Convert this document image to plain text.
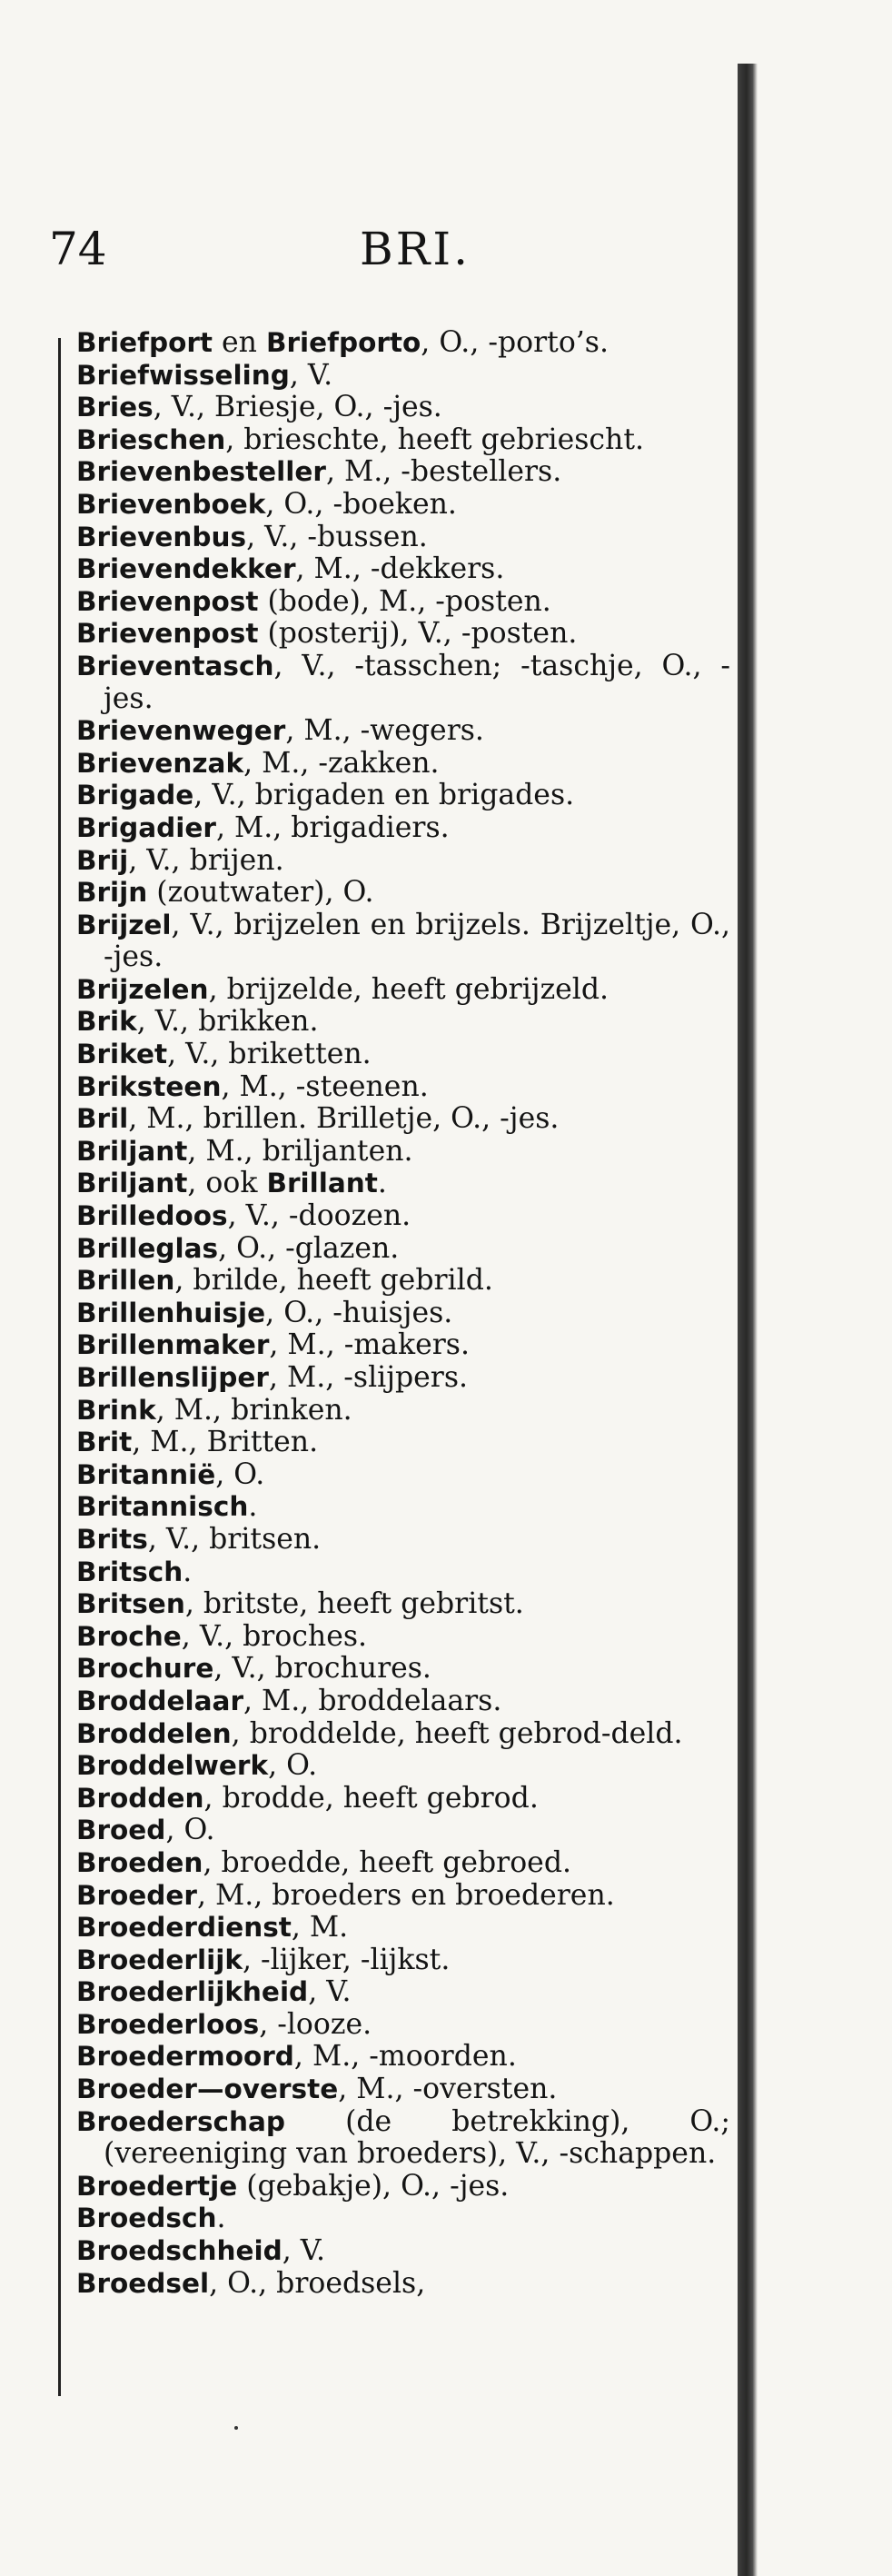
74	BRI.
Briefport en Briefporto, O., -porto’s.
Briefwisseling, V.
Bries, V., Briesje, O., -jes.
Brieschen, brieschte, heeft gebriescht.
Brievenbesteller, M., -bestellers.
Brievenboek, O., -boeken.
Brievenbus, V., -bussen.
Brievendekker, M., -dekkers.
Brievenpost (bode), M., -posten.
Brievenpost (posterij), V., -posten.
Brieventasch, V., -tasschen; -taschje, O., -jes.
Brievenweger, M., -wegers.
Brievenzak, M., -zakken.
Brigade, V., brigaden en brigades.
Brigadier, M., brigadiers.
Brij, V., brijen.
Brijn (zoutwater), O.
Brijzel, V., brijzelen en brijzels. Brijzeltje, O., -jes.
Brijzelen, brijzelde, heeft gebrijzeld.
Brik, V., brikken.
Briket, V., briketten.
Briksteen, M., -steenen.
Bril, M., brillen. Brilletje, O., -jes.
Briljant, M., briljanten.
Briljant, ook Brillant.
Brilledoos, V., -doozen.
Brilleglas, O., -glazen.
Brillen, brilde, heeft gebrild.
Brillenhuisje, O., -huisjes.
Brillenmaker, M., -makers.
Brillenslijper, M., -slijpers.
Brink, M., brinken.
Brit, M., Britten.
Britannië, O.
Britannisch.
Brits, V., britsen.
Britsch.
Britsen, britste, heeft gebritst.
Broche, V., broches.
Brochure, V., brochures.
Broddelaar, M., broddelaars.
Broddelen, broddelde, heeft gebrod-deld.
Broddelwerk, O.
Brodden, brodde, heeft gebrod.
Broed, O.
Broeden, broedde, heeft gebroed.
Broeder, M., broeders en broederen.
Broederdienst, M.
Broederlijk, -lijker, -lijkst.
Broederlijkheid, V.
Broederloos, -looze.
Broedermoord, M., -moorden.
Broeder—overste, M., -oversten.
Broederschap (de betrekking), O.; (vereeniging van broeders), V., -schappen.
Broedertje (gebakje), O., -jes.
Broedsch.
Broedschheid, V.
Broedsel, O., broedsels,
